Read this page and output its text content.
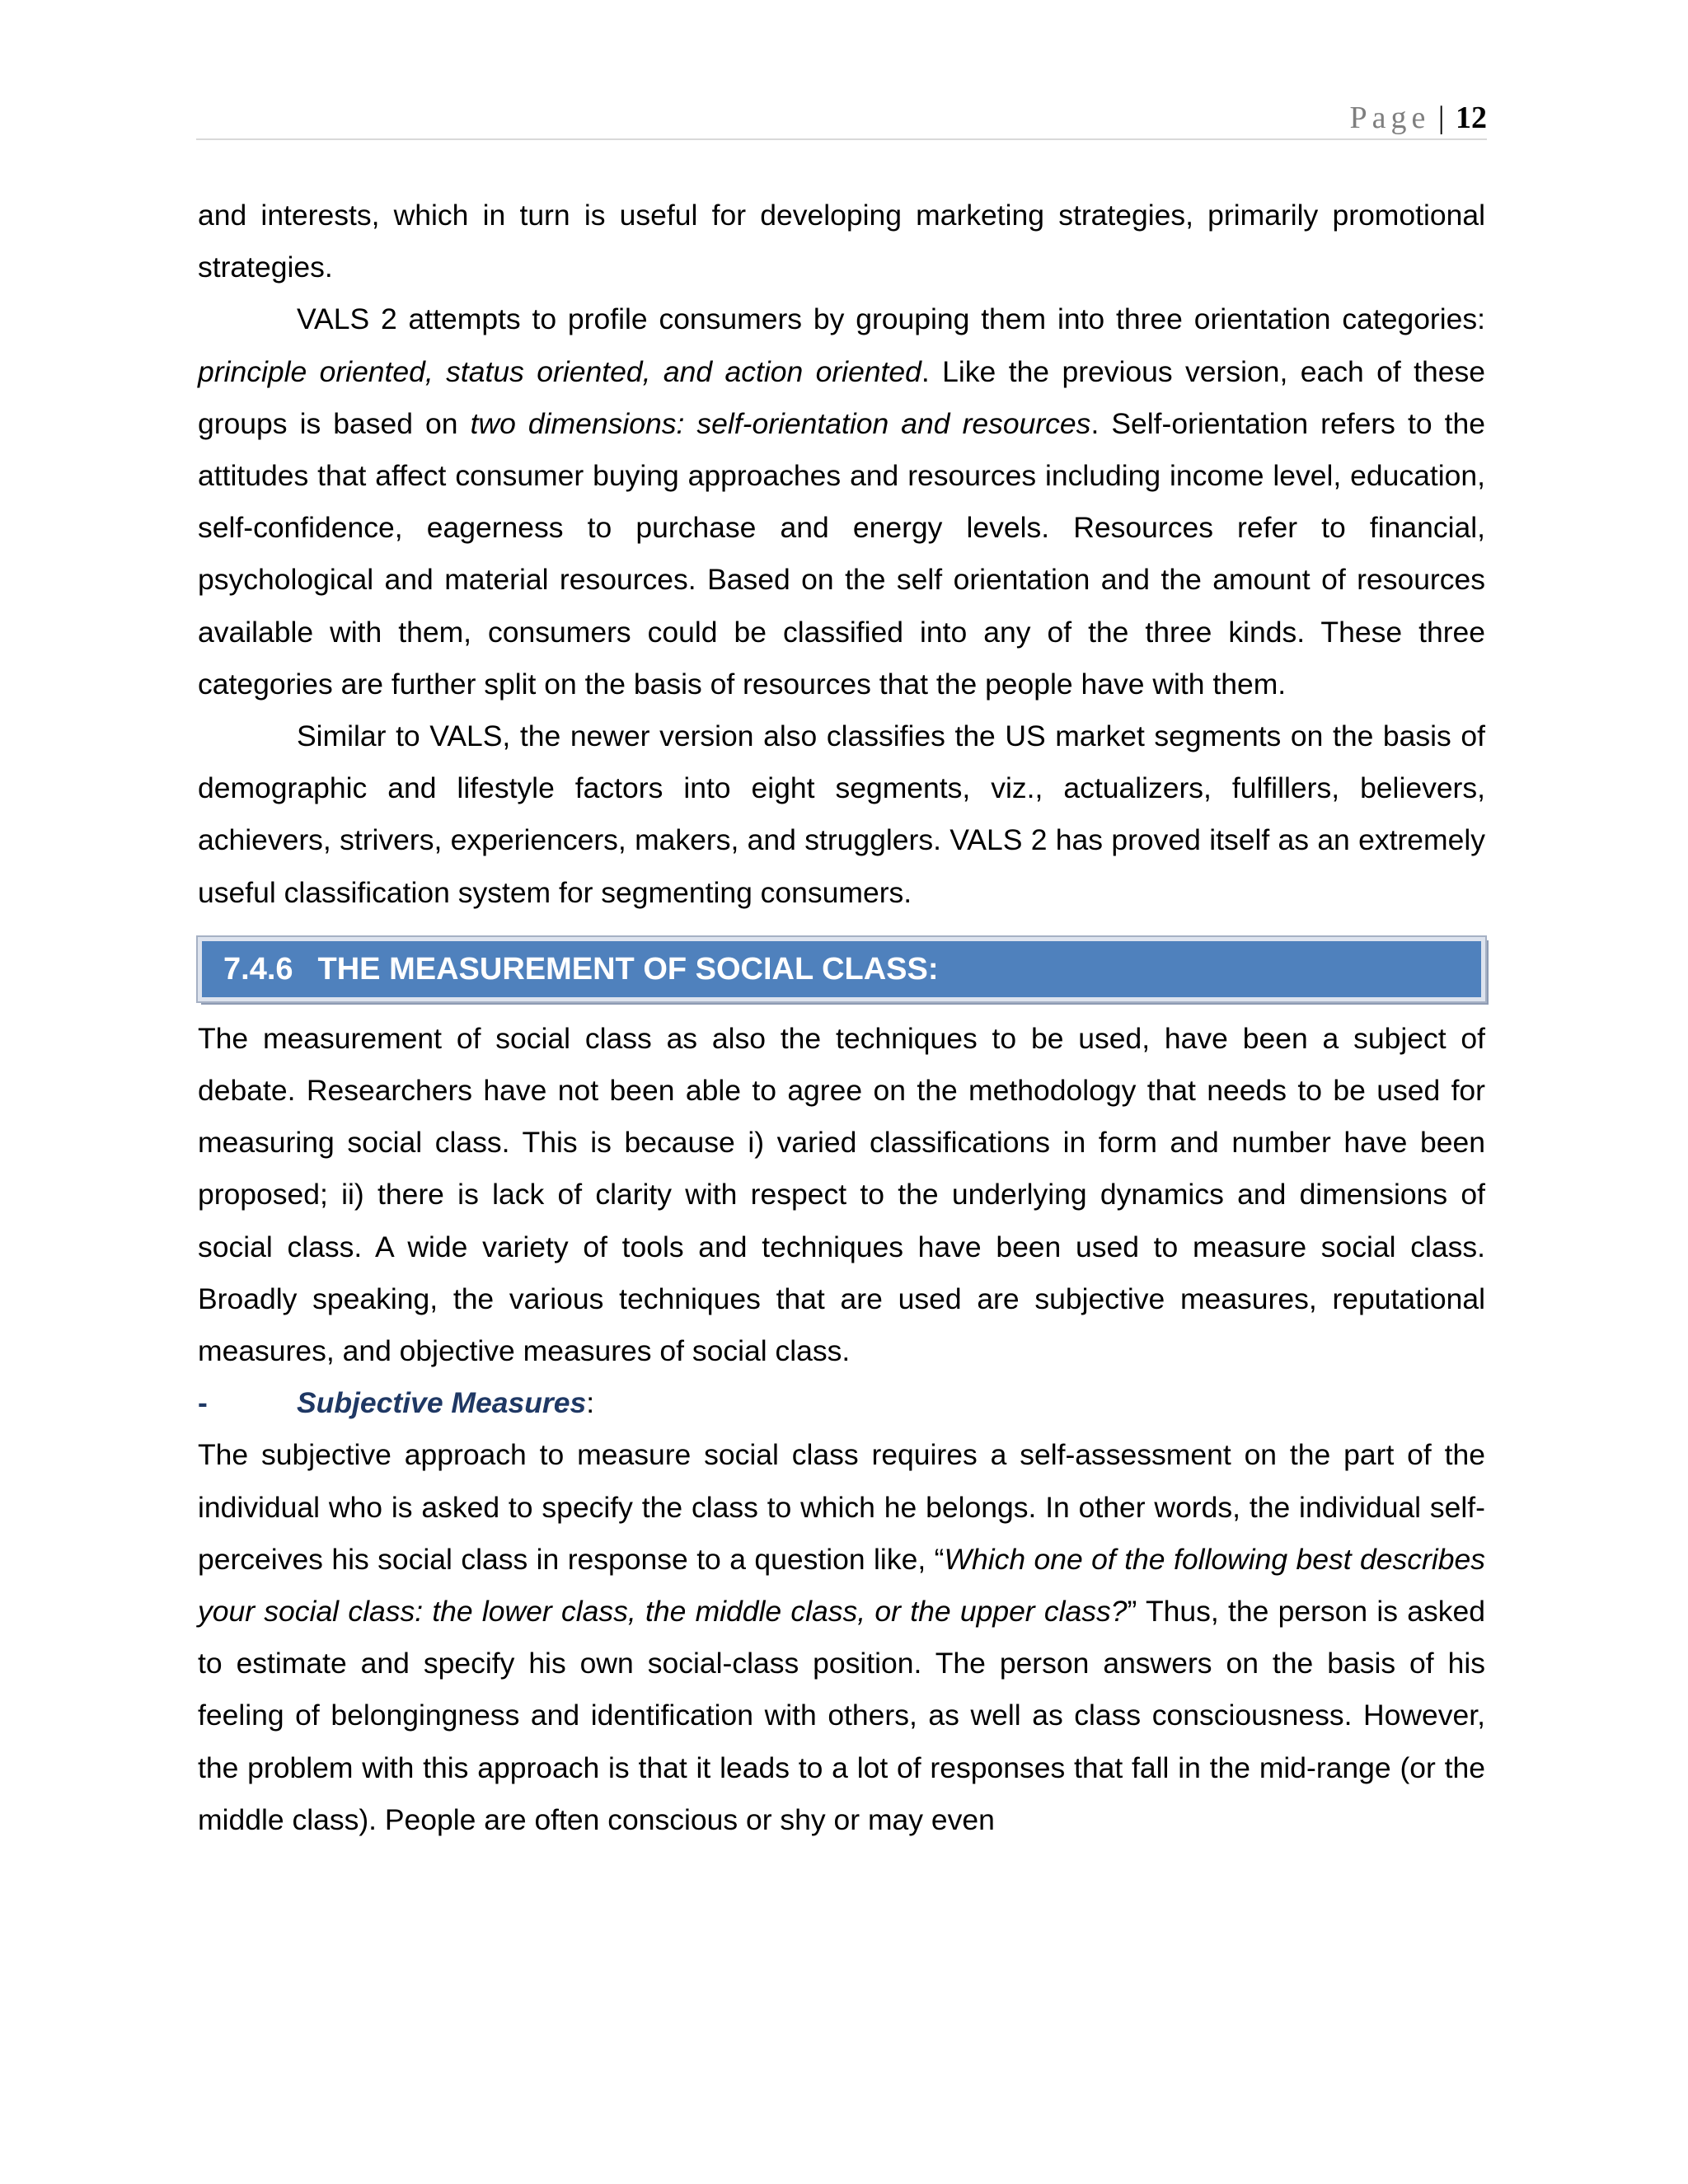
Page | 12

and interests, which in turn is useful for developing marketing strategies, primarily promotional strategies.

VALS 2 attempts to profile consumers by grouping them into three orientation categories: principle oriented, status oriented, and action oriented. Like the previous version, each of these groups is based on two dimensions: self-orientation and resources. Self-orientation refers to the attitudes that affect consumer buying approaches and resources including income level, education, self-confidence, eagerness to purchase and energy levels. Resources refer to financial, psychological and material resources. Based on the self orientation and the amount of resources available with them, consumers could be classified into any of the three kinds. These three categories are further split on the basis of resources that the people have with them.

Similar to VALS, the newer version also classifies the US market segments on the basis of demographic and lifestyle factors into eight segments, viz., actualizers, fulfillers, believers, achievers, strivers, experiencers, makers, and strugglers. VALS 2 has proved itself as an extremely useful classification system for segmenting consumers.

7.4.6 THE MEASUREMENT OF SOCIAL CLASS:

The measurement of social class as also the techniques to be used, have been a subject of debate. Researchers have not been able to agree on the methodology that needs to be used for measuring social class. This is because i) varied classifications in form and number have been proposed; ii) there is lack of clarity with respect to the underlying dynamics and dimensions of social class. A wide variety of tools and techniques have been used to measure social class. Broadly speaking, the various techniques that are used are subjective measures, reputational measures, and objective measures of social class.

-	Subjective Measures:

The subjective approach to measure social class requires a self-assessment on the part of the individual who is asked to specify the class to which he belongs. In other words, the individual self-perceives his social class in response to a question like, “Which one of the following best describes your social class: the lower class, the middle class, or the upper class?” Thus, the person is asked to estimate and specify his own social-class position. The person answers on the basis of his feeling of belongingness and identification with others, as well as class consciousness. However, the problem with this approach is that it leads to a lot of responses that fall in the mid-range (or the middle class). People are often conscious or shy or may even
